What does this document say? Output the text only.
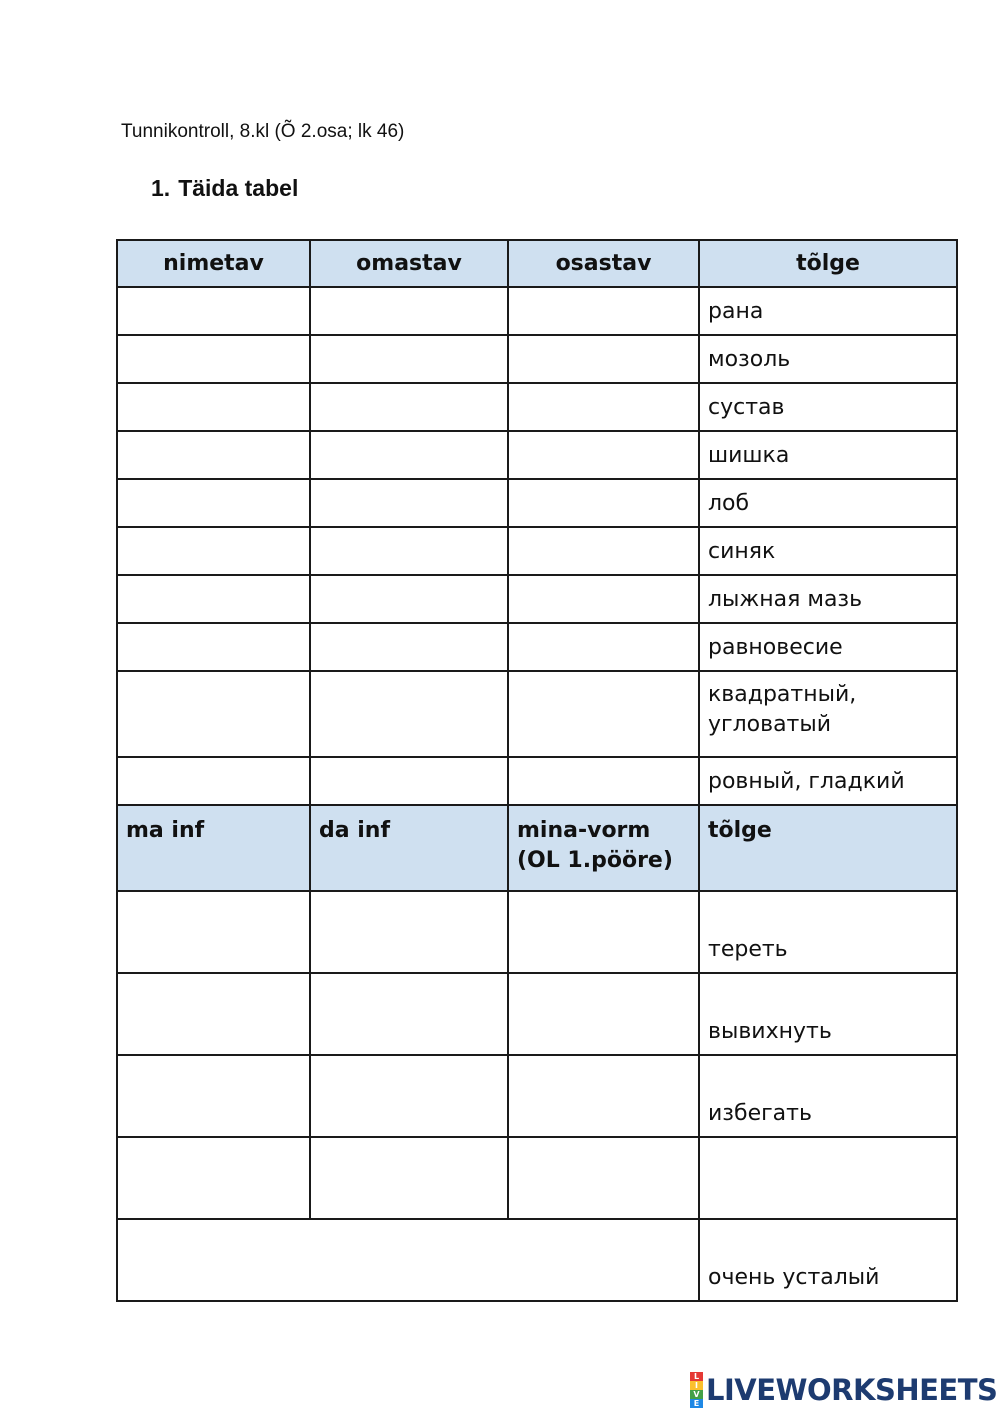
Tunnikontroll, 8.kl (Õ 2.osa; lk 46)
1. Täida tabel
nimetav	omastav	osastav	tõlge
			рана
			мозоль
			сустав
			шишка
			лоб
			синяк
			лыжная мазь
			равновесие
			квадратный, угловатый
			ровный, гладкий
ma inf	da inf	mina-vorm (OL 1.pööre)	tõlge
			тереть
			вывихнуть
			избегать

			очень усталый
L
I
V
E LIVEWORKSHEETS
